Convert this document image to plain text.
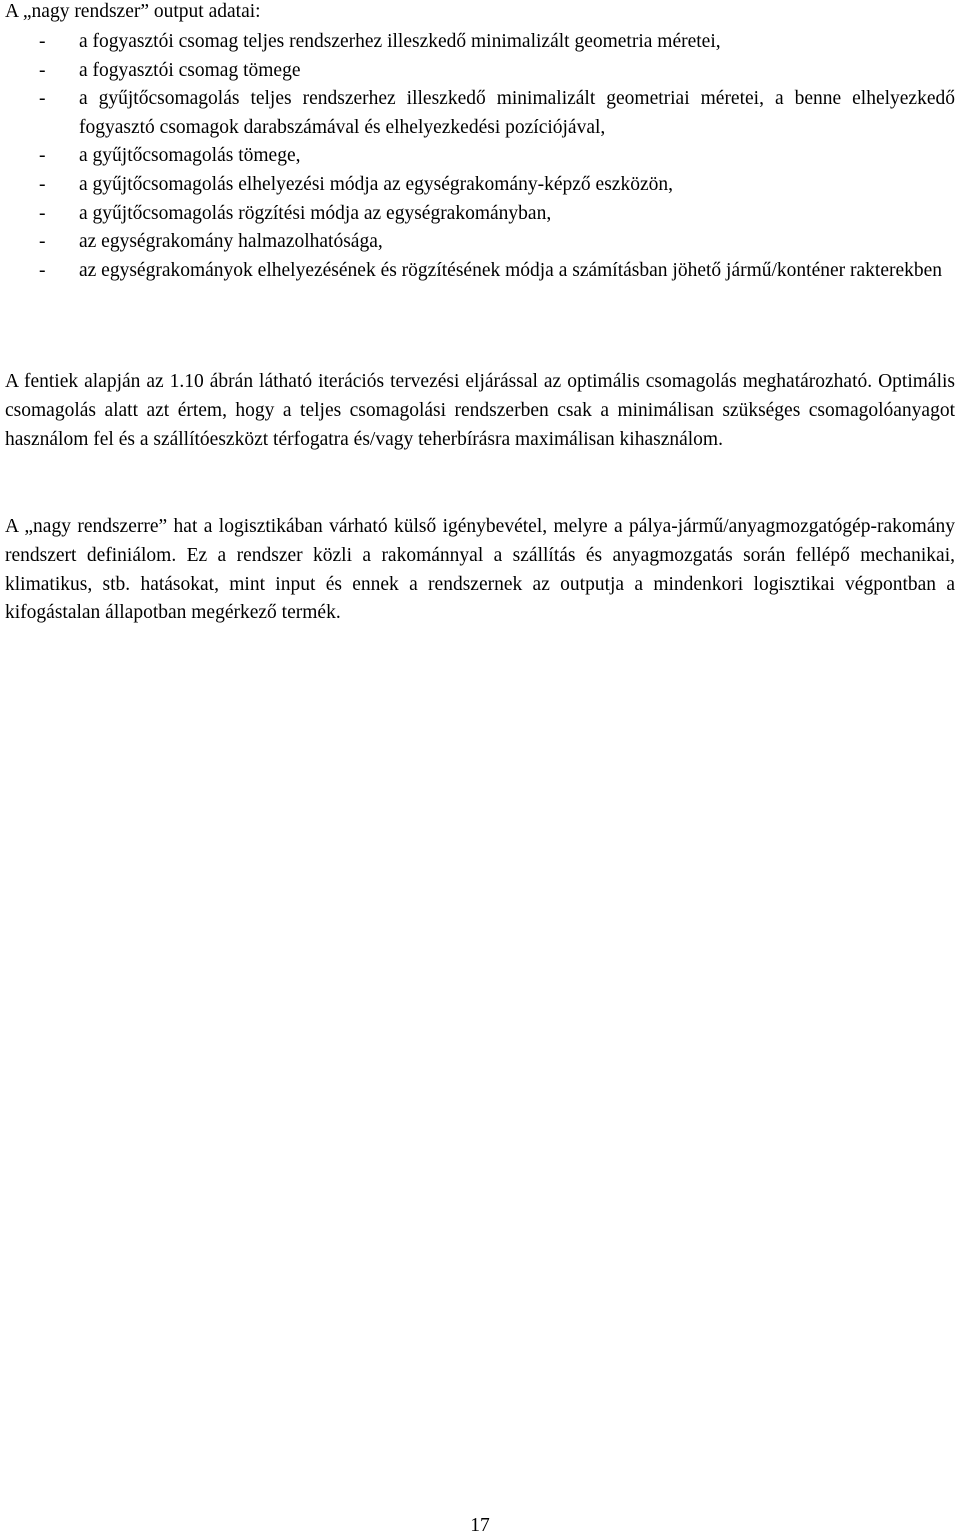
A „nagy rendszer” output adatai:

- a fogyasztói csomag teljes rendszerhez illeszkedő minimalizált geometria méretei,
- a fogyasztói csomag tömege
- a gyűjtőcsomagolás teljes rendszerhez illeszkedő minimalizált geometriai méretei, a benne elhelyezkedő fogyasztó csomagok darabszámával és elhelyezkedési pozíciójával,
- a gyűjtőcsomagolás tömege,
- a gyűjtőcsomagolás elhelyezési módja az egységrakomány-képző eszközön,
- a gyűjtőcsomagolás rögzítési módja az egységrakományban,
- az egységrakomány halmazolhatósága,
- az egységrakományok elhelyezésének és rögzítésének módja a számításban jöhető jármű/konténer rakterekben

A fentiek alapján az 1.10 ábrán látható iterációs tervezési eljárással az optimális csomagolás meghatározható. Optimális csomagolás alatt azt értem, hogy a teljes csomagolási rendszerben csak a minimálisan szükséges csomagolóanyagot használom fel és a szállítóeszközt térfogatra és/vagy teherbírásra maximálisan kihasználom.

A „nagy rendszerre” hat a logisztikában várható külső igénybevétel, melyre a pálya-jármű/anyagmozgatógép-rakomány rendszert definiálom. Ez a rendszer közli a rakománnyal a szállítás és anyagmozgatás során fellépő mechanikai, klimatikus, stb. hatásokat, mint input és ennek a rendszernek az outputja a mindenkori logisztikai végpontban a kifogástalan állapotban megérkező termék.

17
